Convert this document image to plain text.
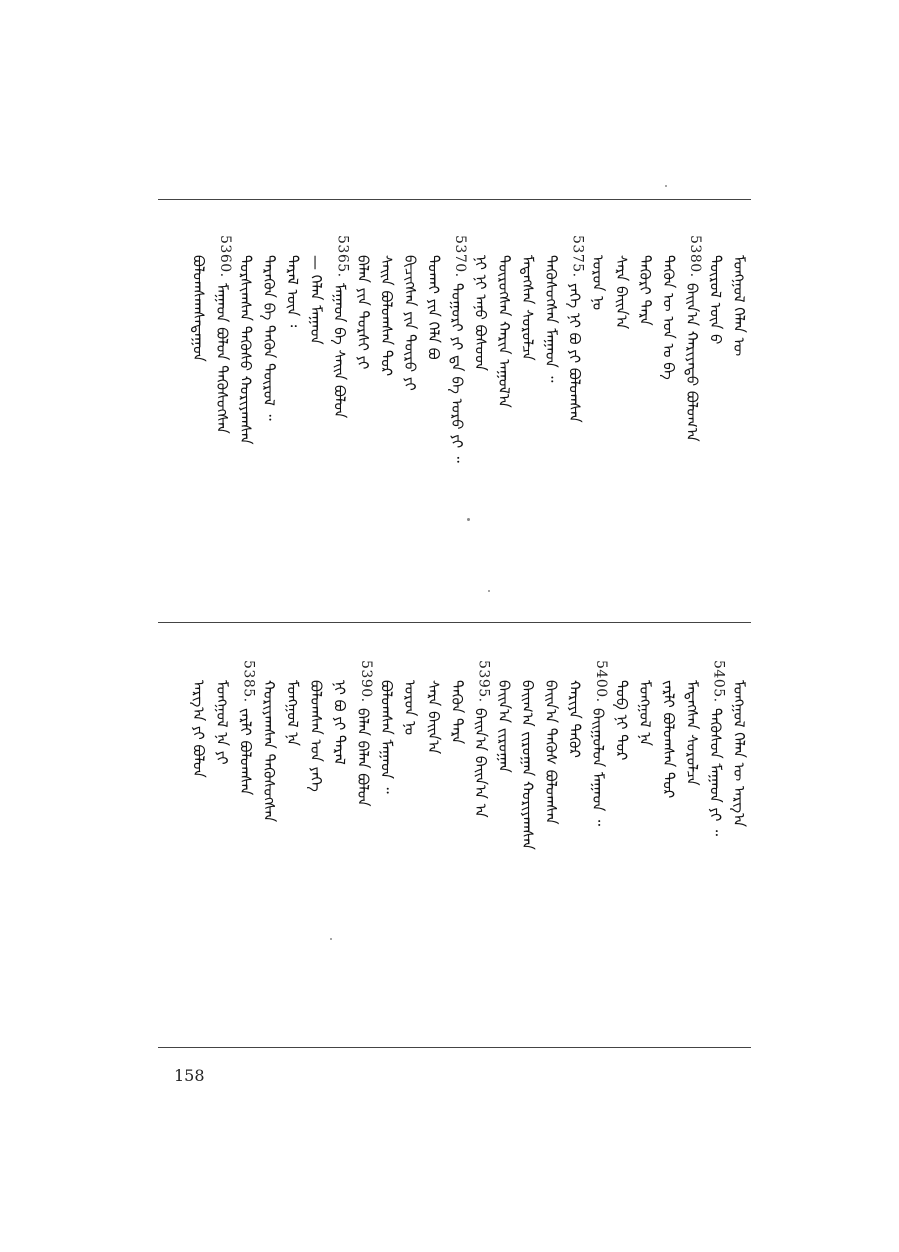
ᠮᠣᠩᠭᠣᠯ ᠬᠡᠯᠡᠨ ᠦ
ᠲᠦᠷᠦᠯ ᠦᠨ ᠪ
5380.
ᠪᠠᠢᠨ᠎ᠠ ᠬᠠᠷᠢᠶᠠᠲᠤ ᠪᠣᠯᠤᠭ᠎ᠠ
ᠲᠡᠭᠦᠨ ᠦ ᠣᠨ ᠤ ᠪᠠ
ᠲᠡᠭᠦᠷᠢ ᠲᠡᠷᠡ
ᠰᠠᠷᠠ ᠪᠠᠢᠨ᠎ᠠ
ᠣᠷᠣᠨ ᠨᠤ
5375.
ᠶᠡᠭᠡ ᠨᠢ ᠪᠣ ᠶᠢ ᠪᠣᠯᠤᠭᠰᠠᠨ
ᠲᠡᠭᠦᠰᠦᠭᠰᠡᠨ ᠮᠠᠭᠠᠳ ᠃
ᠮᠡᠳᠡᠭᠰᠡᠨ ᠰᠤᠷᠤᠯᠴᠠ
ᠲᠦᠷᠦᠭᠰᠡᠨ ᠬᠠᠷᠢᠨ ᠠᠭᠤᠯ᠎ᠠ
ᠨᠢ ᠨᠢ ᠠᠨᠤ ᠪᠤᠰᠤᠳ
5370.
ᠲᠣᠭᠣᠷᠢ ᠶᠢ ᠳᠠ ᠪᠠ ᠤᠷᠤ ᠶᠢ ᠃
ᠲᠤᠬᠠᠢ ᠶᠢᠨ ᠬᠡᠯᠡ ᠪᠣ
ᠪᠢᠴᠢᠭᠰᠡᠨ ᠶᠢᠨ ᠲᠦᠷᠦ ᠶᠢ
ᠰᠠᠢᠨ ᠪᠣᠯᠤᠭᠰᠠᠨ ᠲᠤᠷ
ᠪᠡᠯᠡᠨ ᠶᠢᠨ ᠲᠤᠷᠰᠢ ᠶᠢ
5365.
ᠮᠠᠭᠠᠳ ᠪᠠ ᠰᠠᠢᠨ ᠪᠣᠯᠤᠨ
— ᠬᠡᠯᠡᠨ ᠮᠠᠭᠠᠳ
ᠲᠡᠷᠡᠯ ᠦᠨ ᠄
ᠲᠡᠷᠡᠭᠦᠨ ᠪᠠ ᠲᠡᠭᠦᠨ ᠲᠦᠷᠦᠯ ᠃
ᠲᠤᠷᠰᠢᠭᠰᠠᠨ ᠲᠡᠭᠦᠰᠦ ᠬᠤᠷᠢᠶᠠᠭᠰᠠᠨ
5360.
ᠮᠠᠭᠠᠳ ᠪᠤᠯᠤᠨ ᠲᠡᠭᠦᠰᠦᠭᠰᠡᠨ
ᠪᠣᠯᠤᠭᠰᠠᠭᠰᠠᠳᠠᠭᠤᠨ
ᠮᠣᠩᠭᠣᠯ ᠬᠡᠯᠡᠨ ᠦ ᠠᠷᠭ᠎ᠠ
5405.
ᠲᠡᠭᠦᠰᠦᠨ ᠮᠠᠭᠠᠳ ᠶᠢ ᠃
ᠮᠡᠳᠡᠭᠰᠡᠨ ᠰᠤᠷᠤᠯᠴᠠ
ᠵᠠᠷᠯᠢ ᠪᠣᠯᠤᠭᠰᠠᠨ ᠲᠤᠷ
ᠮᠣᠩᠭᠣᠯ ᠨᠠ
ᠲᠣᠪ ᠨᠢ ᠲᠤᠷ
5400.
ᠪᠠᠢᠭᠤᠯᠤᠨ ᠮᠠᠭᠠᠳ ᠃
ᠬᠠᠷᠢᠶᠠ ᠲᠡᠭᠦᠷ
ᠪᠠᠢᠨ᠎ᠠ ᠲᠡᠭᠦᠰ ᠪᠣᠯᠤᠭᠰᠠᠨ
ᠪᠠᠢᠭ᠎ᠠ ᠵᠢᠷᠤᠭᠠᠨ ᠬᠤᠷᠢᠶᠠᠭᠰᠠᠨ
ᠪᠠᠢᠨ᠎ᠠ ᠵᠢᠷᠤᠭᠠᠨ
5395.
ᠪᠠᠢᠨ᠎ᠠ ᠪᠠᠢᠨ᠎ᠠ ᠠ
ᠲᠡᠭᠦᠨ ᠲᠡᠷᠡ
ᠰᠠᠷᠠ ᠪᠠᠢᠨ᠎ᠠ
ᠣᠷᠣᠨ ᠨᠤ
ᠪᠣᠯᠤᠭᠰᠠᠨ ᠮᠠᠭᠠᠳ ᠃
5390.
ᠪᠡᠯᠡᠨ ᠪᠡᠯᠡᠨ ᠪᠤᠯᠤᠨ
ᠨᠢ ᠪᠣ ᠶᠢ ᠲᠡᠷᠡᠯ
ᠪᠣᠯᠤᠭᠰᠠᠨ ᠤᠨ ᠶᠡᠭᠡ
ᠮᠣᠩᠭᠣᠯ ᠨᠠ
ᠬᠤᠷᠢᠶᠠᠭᠰᠠᠨ ᠲᠡᠭᠦᠰᠦᠭᠰᠡᠨ
5385.
ᠵᠠᠷᠯᠢ ᠪᠣᠯᠤᠭᠰᠠᠨ
ᠮᠣᠩᠭᠣᠯ ᠨᠠ ᠶᠢ
ᠠᠷᠭ᠎ᠠ ᠶᠢ ᠪᠣᠯᠤᠨ
158
